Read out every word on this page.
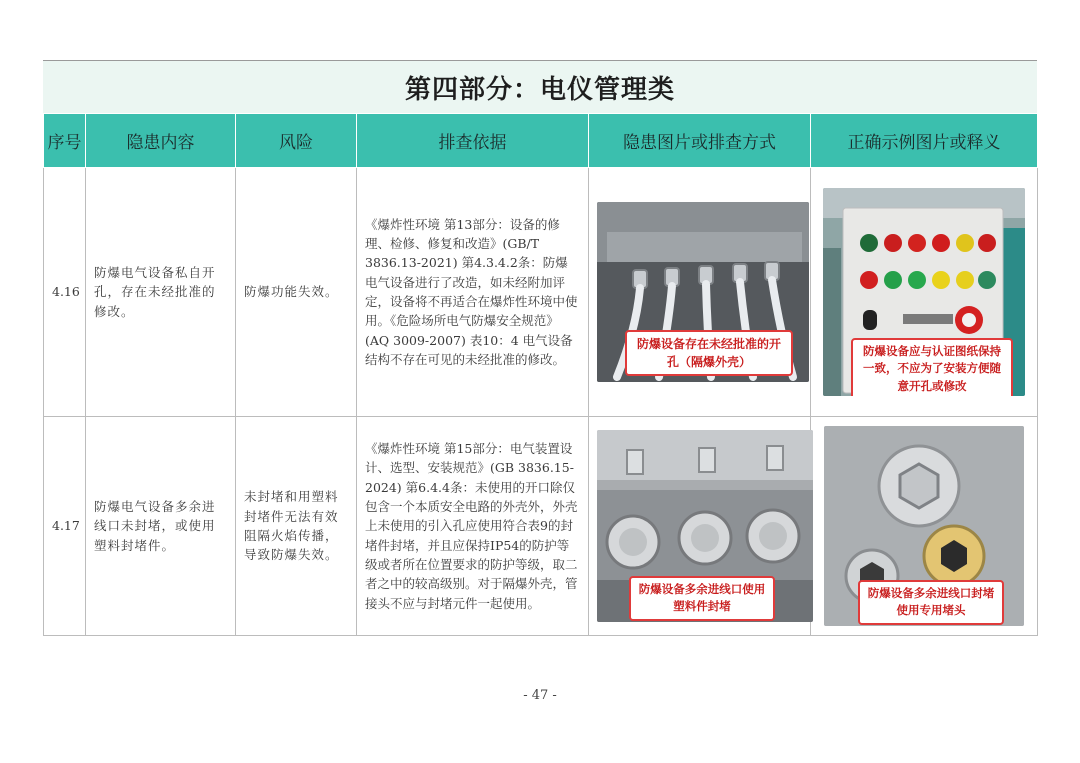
第四部分：电仪管理类
序号	隐患内容	风险	排查依据	隐患图片或排查方式	正确示例图片或释义
4.16	防爆电气设备私自开孔，存在未经批准的修改。	防爆功能失效。	《爆炸性环境 第13部分：设备的修理、检修、修复和改造》(GB/T 3836.13-2021) 第4.3.4.2条：防爆电气设备进行了改造，如未经附加评定，设备将不再适合在爆炸性环境中使用。《危险场所电气防爆安全规范》(AQ 3009-2007) 表10：4 电气设备结构不存在可见的未经批准的修改。	防爆设备存在未经批准的开孔（隔爆外壳）	防爆设备应与认证图纸保持一致，不应为了安装方便随意开孔或修改

4.17	防爆电气设备多余进线口未封堵，或使用塑料封堵件。	未封堵和用塑料封堵件无法有效阻隔火焰传播，导致防爆失效。	《爆炸性环境 第15部分：电气装置设计、选型、安装规范》(GB 3836.15-2024) 第6.4.4条：未使用的开口除仅包含一个本质安全电路的外壳外，外壳上未使用的引入孔应使用符合表9的封堵件封堵，并且应保持IP54的防护等级或者所在位置要求的防护等级，取二者之中的较高级别。对于隔爆外壳，管接头不应与封堵元件一起使用。	防爆设备多余进线口使用塑料件封堵	防爆设备多余进线口封堵使用专用堵头
- 47 -
